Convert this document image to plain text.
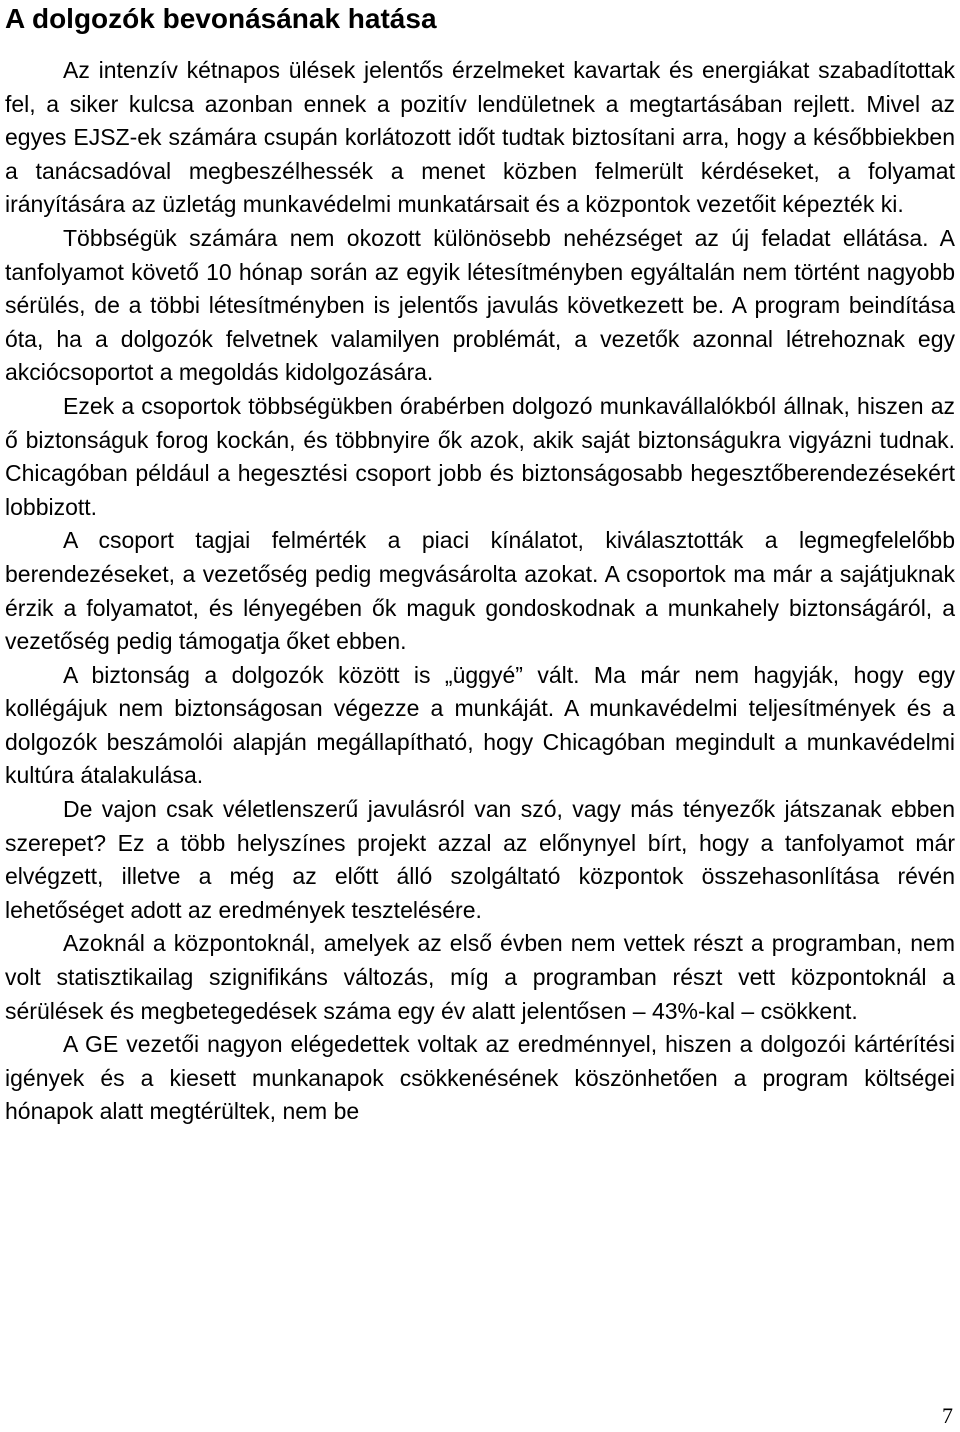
A dolgozók bevonásának hatása

Az intenzív kétnapos ülések jelentős érzelmeket kavartak és energiákat szabadítottak fel, a siker kulcsa azonban ennek a pozitív lendületnek a megtartásában rejlett. Mivel az egyes EJSZ-ek számára csupán korlátozott időt tudtak biztosítani arra, hogy a későbbiekben a tanácsadóval megbeszélhessék a menet közben felmerült kérdéseket, a folyamat irányítására az üzletág munkavédelmi munkatársait és a központok vezetőit képezték ki.

Többségük számára nem okozott különösebb nehézséget az új feladat ellátása. A tanfolyamot követő 10 hónap során az egyik létesítményben egyáltalán nem történt nagyobb sérülés, de a többi létesítményben is jelentős javulás következett be. A program beindítása óta, ha a dolgozók felvetnek valamilyen problémát, a vezetők azonnal létrehoznak egy akciócsoportot a megoldás kidolgozására.

Ezek a csoportok többségükben órabérben dolgozó munkavállalókból állnak, hiszen az ő biztonságuk forog kockán, és többnyire ők azok, akik saját biztonságukra vigyázni tudnak. Chicagóban például a hegesztési csoport jobb és biztonságosabb hegesztőberendezésekért lobbizott.

A csoport tagjai felmérték a piaci kínálatot, kiválasztották a legmegfelelőbb berendezéseket, a vezetőség pedig megvásárolta azokat. A csoportok ma már a sajátjuknak érzik a folyamatot, és lényegében ők maguk gondoskodnak a munkahely biztonságáról, a vezetőség pedig támogatja őket ebben.

A biztonság a dolgozók között is „üggyé” vált. Ma már nem hagyják, hogy egy kollégájuk nem biztonságosan végezze a munkáját. A munkavédelmi teljesítmények és a dolgozók beszámolói alapján megállapítható, hogy Chicagóban megindult a munkavédelmi kultúra átalakulása.

De vajon csak véletlenszerű javulásról van szó, vagy más tényezők játszanak ebben szerepet? Ez a több helyszínes projekt azzal az előnynyel bírt, hogy a tanfolyamot már elvégzett, illetve a még az előtt álló szolgáltató központok összehasonlítása révén lehetőséget adott az eredmények tesztelésére.

Azoknál a központoknál, amelyek az első évben nem vettek részt a programban, nem volt statisztikailag szignifikáns változás, míg a programban részt vett központoknál a sérülések és megbetegedések száma egy év alatt jelentősen – 43%-kal – csökkent.

A GE vezetői nagyon elégedettek voltak az eredménnyel, hiszen a dolgozói kártérítési igények és a kiesett munkanapok csökkenésének köszönhetően a program költségei hónapok alatt megtérültek, nem be

7
